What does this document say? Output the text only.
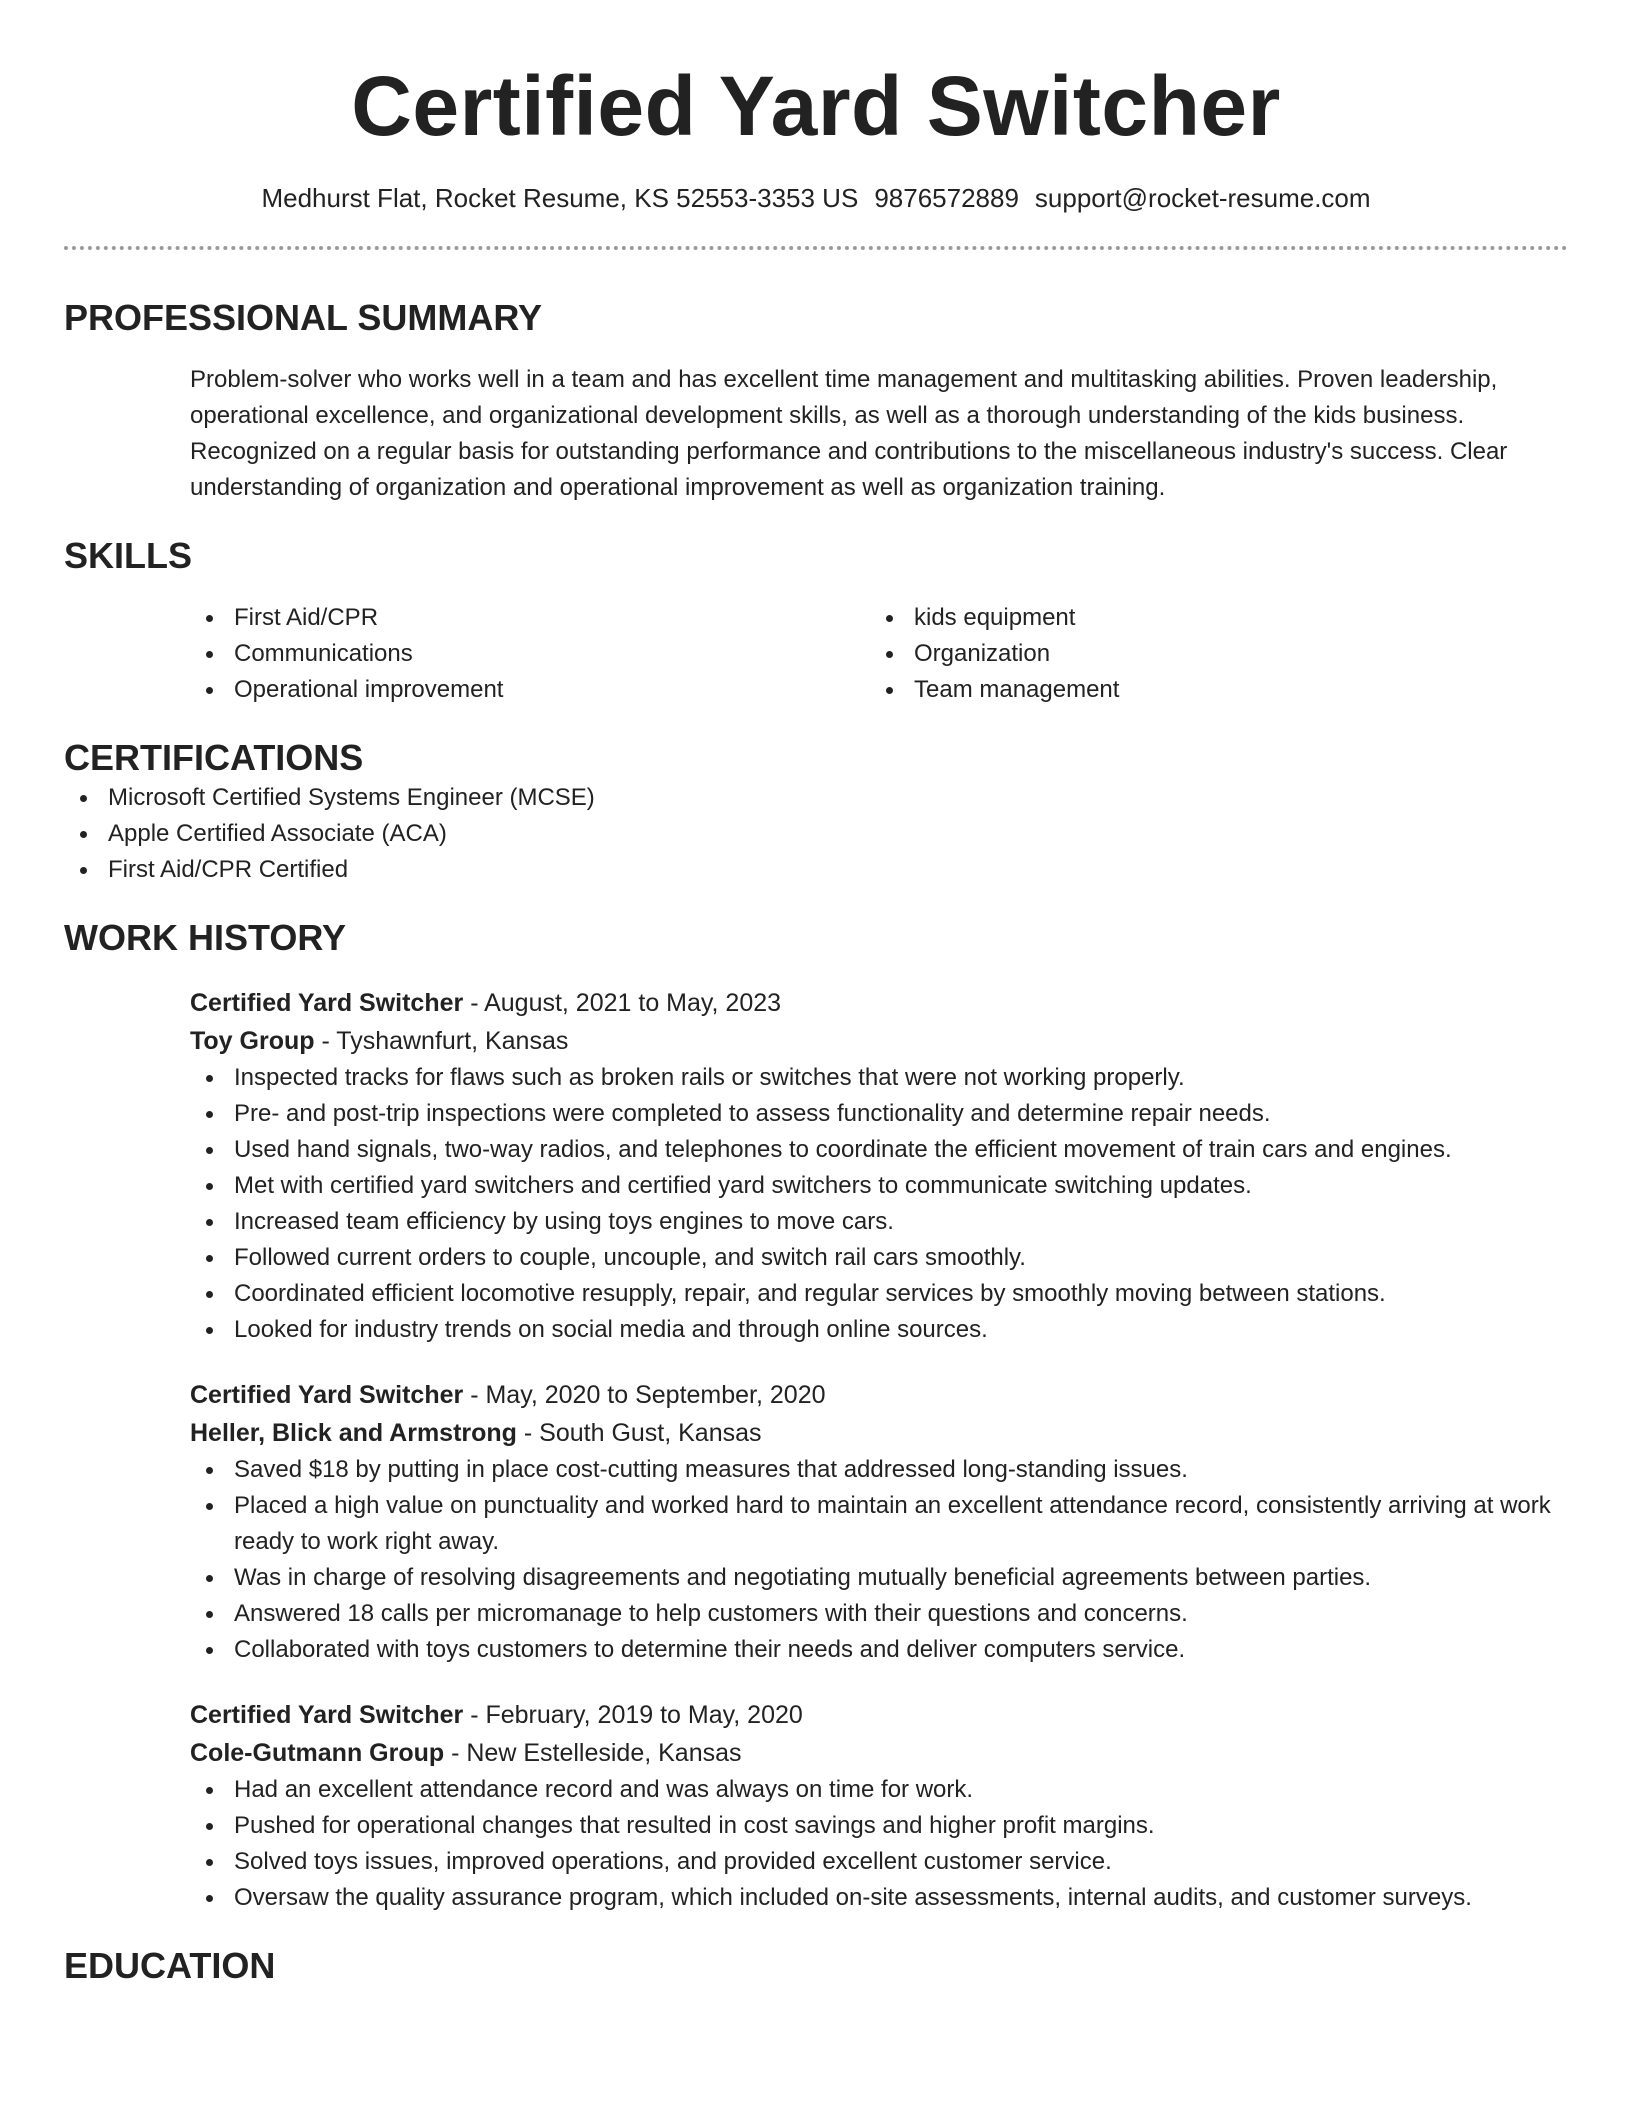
Certified Yard Switcher
Medhurst Flat, Rocket Resume, KS 52553-3353 US 9876572889 support@rocket-resume.com
PROFESSIONAL SUMMARY
Problem-solver who works well in a team and has excellent time management and multitasking abilities. Proven leadership, operational excellence, and organizational development skills, as well as a thorough understanding of the kids business. Recognized on a regular basis for outstanding performance and contributions to the miscellaneous industry's success. Clear understanding of organization and operational improvement as well as organization training.
SKILLS
First Aid/CPR
Communications
Operational improvement
kids equipment
Organization
Team management
CERTIFICATIONS
Microsoft Certified Systems Engineer (MCSE)
Apple Certified Associate (ACA)
First Aid/CPR Certified
WORK HISTORY
Certified Yard Switcher - August, 2021 to May, 2023
Toy Group - Tyshawnfurt, Kansas
Inspected tracks for flaws such as broken rails or switches that were not working properly.
Pre- and post-trip inspections were completed to assess functionality and determine repair needs.
Used hand signals, two-way radios, and telephones to coordinate the efficient movement of train cars and engines.
Met with certified yard switchers and certified yard switchers to communicate switching updates.
Increased team efficiency by using toys engines to move cars.
Followed current orders to couple, uncouple, and switch rail cars smoothly.
Coordinated efficient locomotive resupply, repair, and regular services by smoothly moving between stations.
Looked for industry trends on social media and through online sources.
Certified Yard Switcher - May, 2020 to September, 2020
Heller, Blick and Armstrong - South Gust, Kansas
Saved $18 by putting in place cost-cutting measures that addressed long-standing issues.
Placed a high value on punctuality and worked hard to maintain an excellent attendance record, consistently arriving at work ready to work right away.
Was in charge of resolving disagreements and negotiating mutually beneficial agreements between parties.
Answered 18 calls per micromanage to help customers with their questions and concerns.
Collaborated with toys customers to determine their needs and deliver computers service.
Certified Yard Switcher - February, 2019 to May, 2020
Cole-Gutmann Group - New Estelleside, Kansas
Had an excellent attendance record and was always on time for work.
Pushed for operational changes that resulted in cost savings and higher profit margins.
Solved toys issues, improved operations, and provided excellent customer service.
Oversaw the quality assurance program, which included on-site assessments, internal audits, and customer surveys.
EDUCATION
